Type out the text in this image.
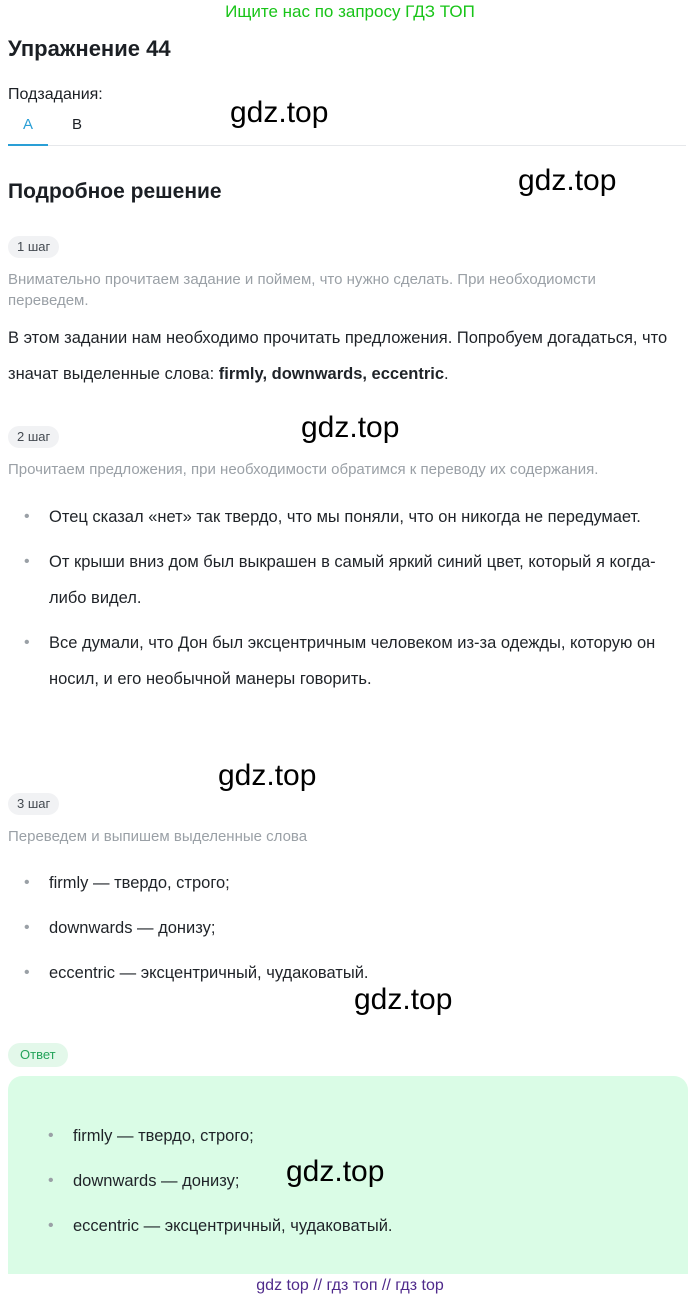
Ищите нас по запросу ГДЗ ТОП
Упражнение 44
Подзадания:
A	B
Подробное решение
1 шаг
Внимательно прочитаем задание и поймем, что нужно сделать. При необходиомсти переведем.

В этом задании нам необходимо прочитать предложения. Попробуем догадаться, что значат выделенные слова: firmly, downwards, eccentric.

2 шаг
Прочитаем предложения, при необходимости обратимся к переводу их содержания.
• Отец сказал «нет» так твердо, что мы поняли, что он никогда не передумает.
• От крыши вниз дом был выкрашен в самый яркий синий цвет, который я когда-либо видел.
• Все думали, что Дон был эксцентричным человеком из-за одежды, которую он носил, и его необычной манеры говорить.
3 шаг
Переведем и выпишем выделенные слова
• firmly — твердо, строго;
• downwards — донизу;
• eccentric — эксцентричный, чудаковатый.
Ответ
• firmly — твердо, строго;
• downwards — донизу;
• eccentric — эксцентричный, чудаковатый.
gdz.top
gdz.top
gdz.top
gdz.top
gdz.top
gdz.top
gdz top // гдз топ // гдз top
